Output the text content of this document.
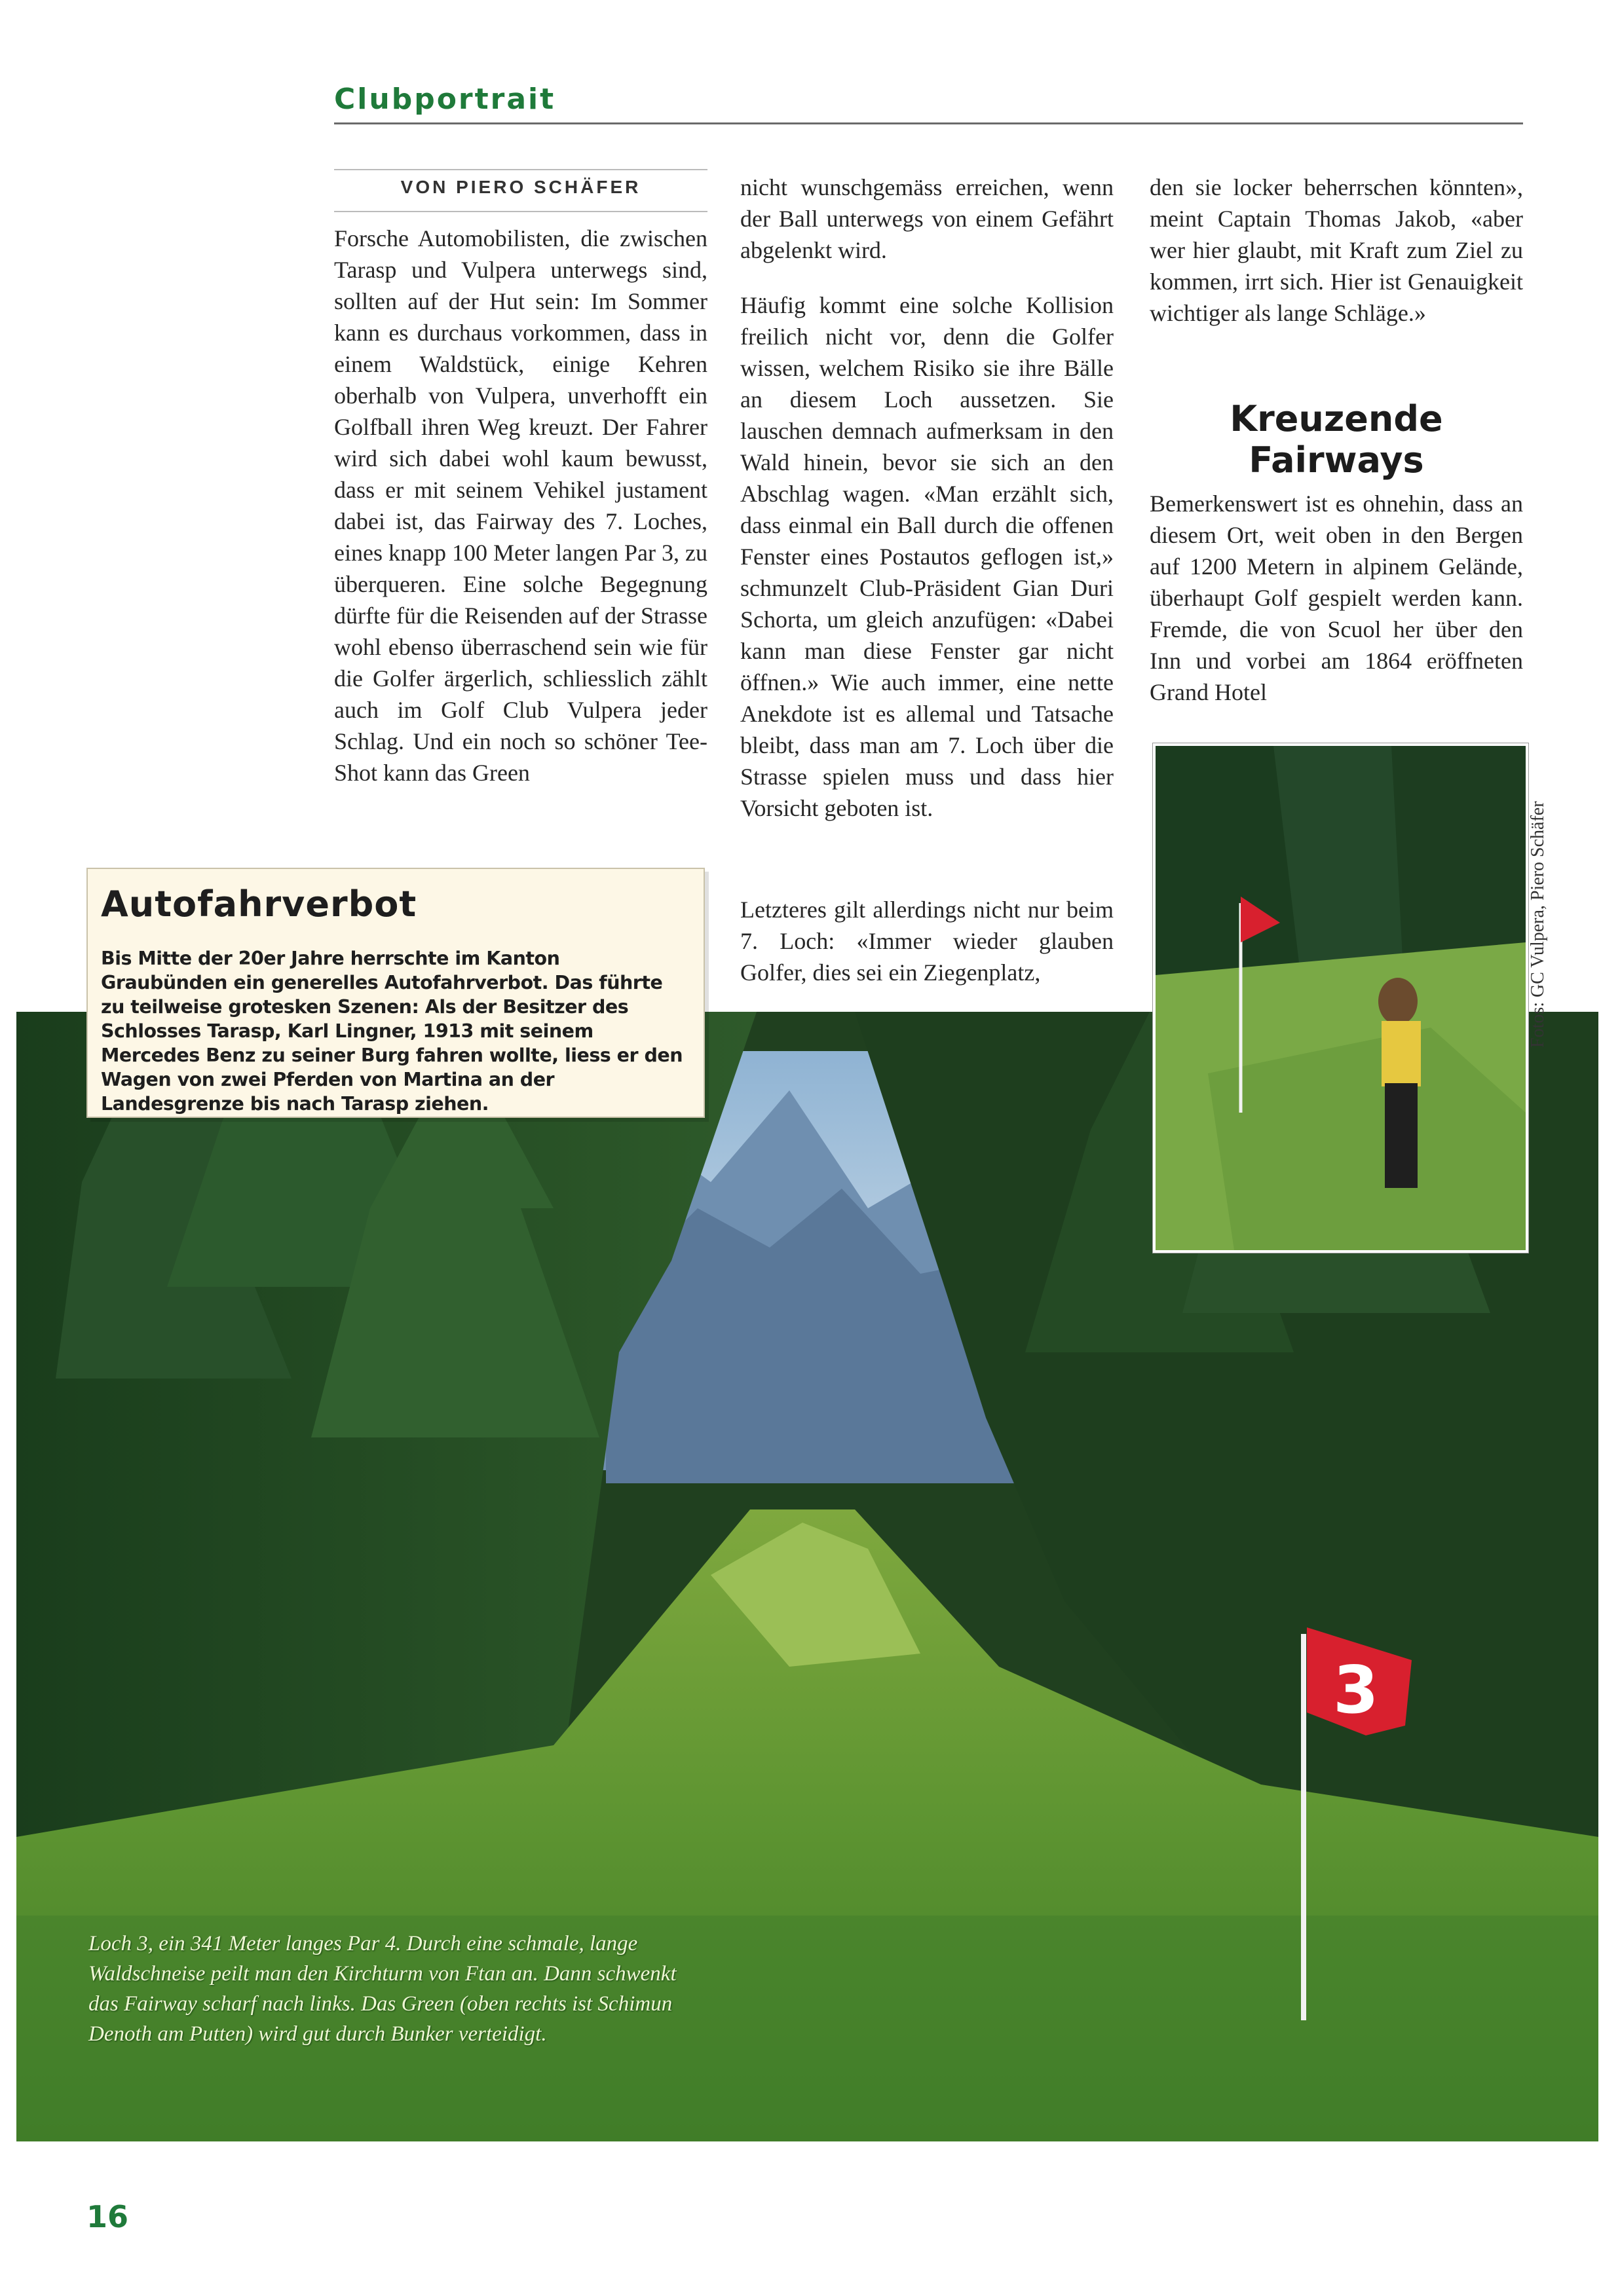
Clubportrait
VON PIERO SCHÄFER
3
Fotos: GC Vulpera, Piero Schäfer

Forsche Automobilisten, die zwischen Tarasp und Vulpera unterwegs sind, sollten auf der Hut sein: Im Sommer kann es durchaus vorkommen, dass in einem Waldstück, einige Kehren oberhalb von Vulpera, unverhofft ein Golfball ihren Weg kreuzt. Der Fahrer wird sich dabei wohl kaum bewusst, dass er mit seinem Vehikel justament dabei ist, das Fairway des 7. Loches, eines knapp 100 Meter langen Par 3, zu überqueren. Eine solche Begegnung dürfte für die Reisenden auf der Strasse wohl ebenso überraschend sein wie für die Golfer ärgerlich, schliesslich zählt auch im Golf Club Vulpera jeder Schlag. Und ein noch so schöner Tee-Shot kann das Green

nicht wunschgemäss erreichen, wenn der Ball unterwegs von einem Gefährt abgelenkt wird.

Häufig kommt eine solche Kollision freilich nicht vor, denn die Golfer wissen, welchem Risiko sie ihre Bälle an diesem Loch aussetzen. Sie lauschen demnach aufmerksam in den Wald hinein, bevor sie sich an den Abschlag wagen. «Man erzählt sich, dass einmal ein Ball durch die offenen Fenster eines Postautos geflogen ist,» schmunzelt Club-Präsident Gian Duri Schorta, um gleich anzufügen: «Dabei kann man diese Fenster gar nicht öffnen.» Wie auch immer, eine nette Anekdote ist es allemal und Tatsache bleibt, dass man am 7. Loch über die Strasse spielen muss und dass hier Vorsicht geboten ist.

Letzteres gilt allerdings nicht nur beim 7. Loch: «Immer wieder glauben Golfer, dies sei ein Ziegenplatz,

den sie locker beherrschen könnten», meint Captain Thomas Jakob, «aber wer hier glaubt, mit Kraft zum Ziel zu kommen, irrt sich. Hier ist Genauigkeit wichtiger als lange Schläge.»

Kreuzende Fairways

Bemerkenswert ist es ohnehin, dass an diesem Ort, weit oben in den Bergen auf 1200 Metern in alpinem Gelände, überhaupt Golf gespielt werden kann. Fremde, die von Scuol her über den Inn und vorbei am 1864 eröffneten Grand Hotel

Autofahrverbot
Bis Mitte der 20er Jahre herrschte im Kanton Graubünden ein generelles Autofahrverbot. Das führte zu teilweise grotesken Szenen: Als der Besitzer des Schlosses Tarasp, Karl Lingner, 1913 mit seinem Mercedes Benz zu seiner Burg fahren wollte, liess er den Wagen von zwei Pferden von Martina an der Landesgrenze bis nach Tarasp ziehen.
Loch 3, ein 341 Meter langes Par 4. Durch eine schmale, lange Waldschneise peilt man den Kirchturm von Ftan an. Dann schwenkt das Fairway scharf nach links. Das Green (oben rechts ist Schimun Denoth am Putten) wird gut durch Bunker verteidigt.
16
